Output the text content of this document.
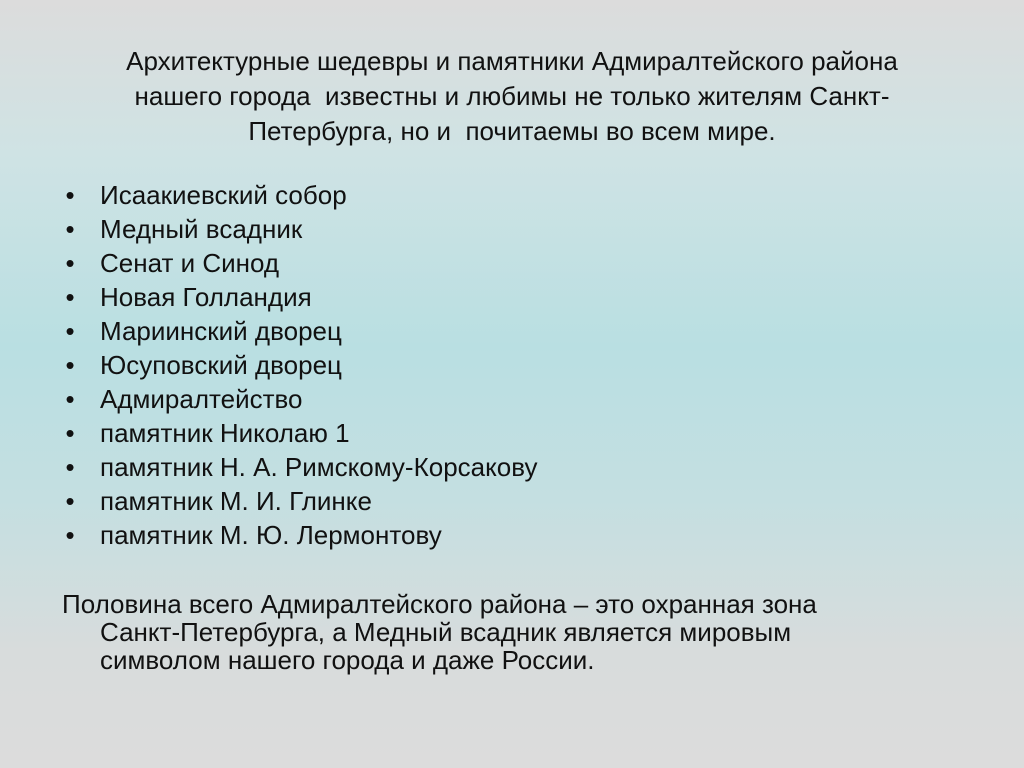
Архитектурные шедевры и памятники Адмиралтейского района
нашего города  известны и любимы не только жителям Санкт-
Петербурга, но и  почитаемы во всем мире.
• Исаакиевский собор
• Медный всадник
• Сенат и Синод
• Новая Голландия
• Мариинский дворец
• Юсуповский дворец
• Адмиралтейство
• памятник Николаю 1
• памятник Н. А. Римскому-Корсакову
• памятник М. И. Глинке
• памятник М. Ю. Лермонтову
Половина всего Адмиралтейского района – это охранная зона
Санкт-Петербурга, а Медный всадник является мировым
символом нашего города и даже России.
